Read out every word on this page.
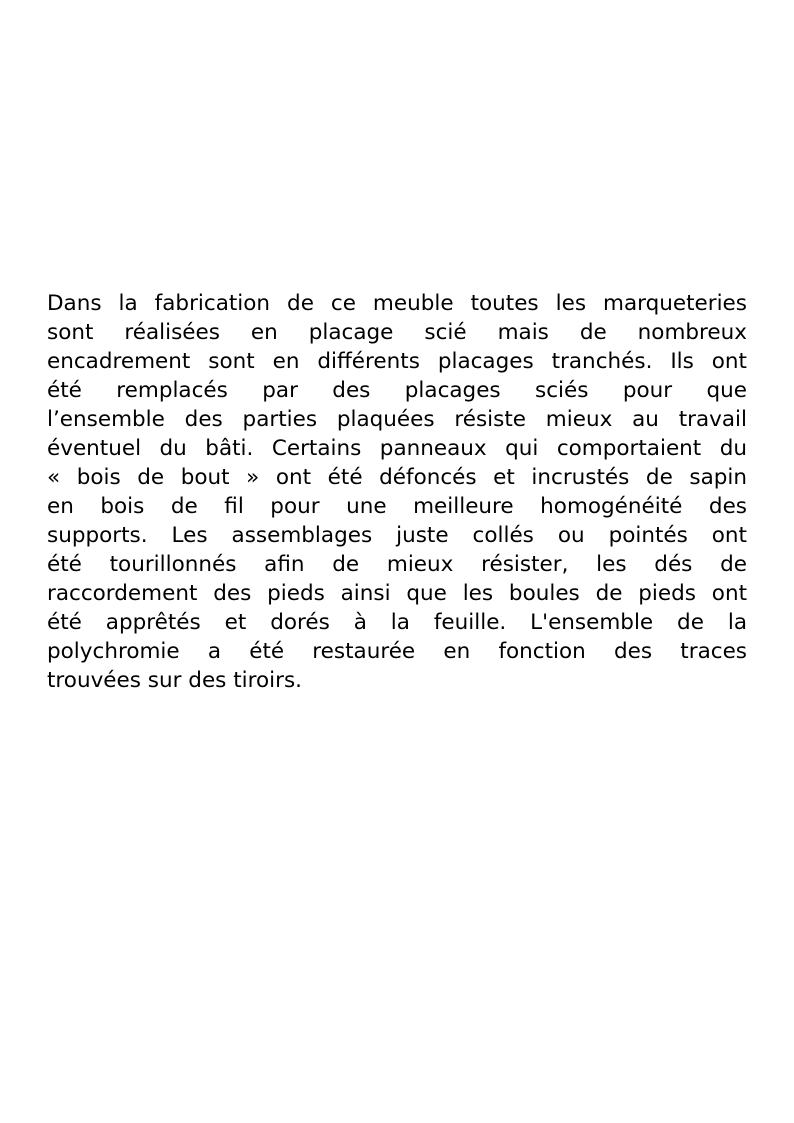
Dans la fabrication de ce meuble toutes les marqueteries
sont réalisées en placage scié mais de nombreux
encadrement sont en différents placages tranchés. Ils ont
été remplacés par des placages sciés pour que
l’ensemble des parties plaquées résiste mieux au travail
éventuel du bâti. Certains panneaux qui comportaient du
« bois de bout » ont été défoncés et incrustés de sapin
en bois de fil pour une meilleure homogénéité des
supports. Les assemblages juste collés ou pointés ont
été tourillonnés afin de mieux résister, les dés de
raccordement des pieds ainsi que les boules de pieds ont
été apprêtés et dorés à la feuille. L'ensemble de la
polychromie a été restaurée en fonction des traces
trouvées sur des tiroirs.
